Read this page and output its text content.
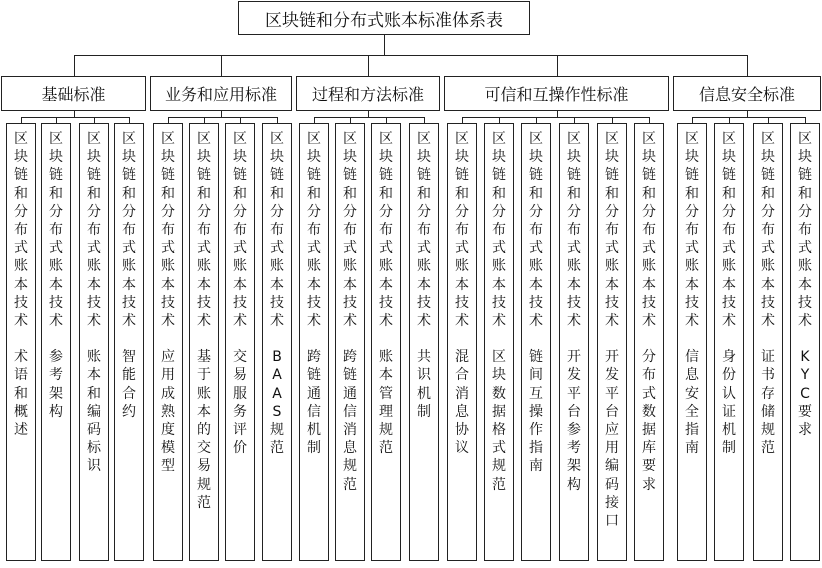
区块链和分布式账本标准体系表
基础标准	业务和应用标准 过程和方法标准	可信和互操作性标准	信息安全标准
区
块
链
和
分
布
式
账
本
技
术
术
语
和
概
述
区
块
链
和
分
布
式
账
本
技
术
参
考
架
构
区
块
链
和
分
布
式
账
本
技
术
账
本
和
编
码
标
识
区
块
链
和
分
布
式
账
本
技
术
智
能
合
约
区
块
链
和
分
布
式
账
本
技
术
应
用
成
熟
度
模
型
区
块
链
和
分
布
式
账
本
技
术
基
于
账
本
的
交
易
规
范
区
块
链
和
分
布
式
账
本
技
术
交
易
服
务
评
价
区
块
链
和
分
布
式
账
本
技
术
B
A
A
S
规
范
区
块
链
和
分
布
式
账
本
技
术
跨
链
通
信
机
制
区
块
链
和
分
布
式
账
本
技
术
跨
链
通
信
消
息
规
范
区
块
链
和
分
布
式
账
本
技
术
账
本
管
理
规
范
区
块
链
和
分
布
式
账
本
技
术
共
识
机
制
区
块
链
和
分
布
式
账
本
技
术
混
合
消
息
协
议
区
块
链
和
分
布
式
账
本
技
术
区
块
数
据
格
式
规
范
区
块
链
和
分
布
式
账
本
技
术
链
间
互
操
作
指
南
区
块
链
和
分
布
式
账
本
技
术
开
发
平
台
参
考
架
构
区
块
链
和
分
布
式
账
本
技
术
开
发
平
台
应
用
编
码
接
口
区
块
链
和
分
布
式
账
本
技
术
分
布
式
数
据
库
要
求
区
块
链
和
分
布
式
账
本
技
术
信
息
安
全
指
南
区
块
链
和
分
布
式
账
本
技
术
身
份
认
证
机
制
区
块
链
和
分
布
式
账
本
技
术
证
书
存
储
规
范
区
块
链
和
分
布
式
账
本
技
术
K
Y
C
要
求
